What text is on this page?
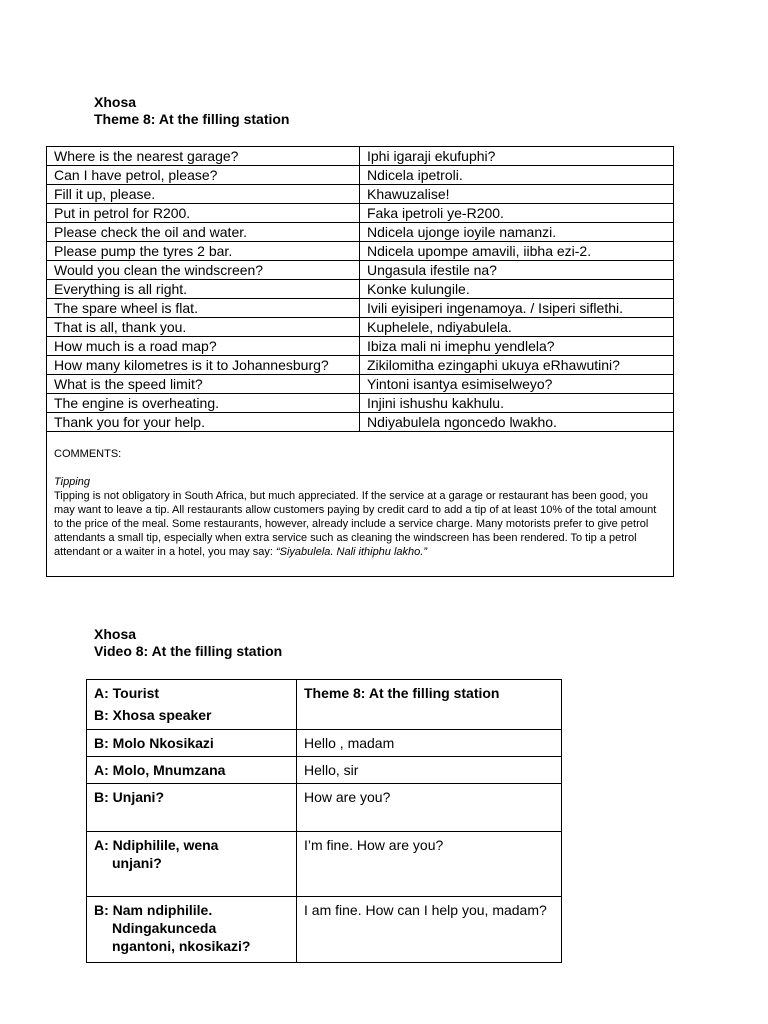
Xhosa
Theme 8: At the filling station
Where is the nearest garage?	Iphi igaraji ekufuphi?
Can I have petrol, please?	Ndicela ipetroli.
Fill it up, please.	Khawuzalise!
Put in petrol for R200.	Faka ipetroli ye-R200.
Please check the oil and water.	Ndicela ujonge ioyile namanzi.
Please pump the tyres 2 bar.	Ndicela upompe amavili, iibha ezi-2.
Would you clean the windscreen?	Ungasula ifestile na?
Everything is all right.	Konke kulungile.
The spare wheel is flat.	Ivili eyisiperi ingenamoya. / Isiperi siflethi.
That is all, thank you.	Kuphelele, ndiyabulela.
How much is a road map?	Ibiza mali ni imephu yendlela?
How many kilometres is it to Johannesburg?	Zikilomitha ezingaphi ukuya eRhawutini?
What is the speed limit?	Yintoni isantya esimiselweyo?
The engine is overheating.	Injini ishushu kakhulu.
Thank you for your help.	Ndiyabulela ngoncedo lwakho.
COMMENTS:
Tipping
Tipping is not obligatory in South Africa, but much appreciated. If the service at a garage or restaurant has been good, you may want to leave a tip. All restaurants allow customers paying by credit card to add a tip of at least 10% of the total amount to the price of the meal. Some restaurants, however, already include a service charge. Many motorists prefer to give petrol attendants a small tip, especially when extra service such as cleaning the windscreen has been rendered. To tip a petrol attendant or a waiter in a hotel, you may say: “Siyabulela. Nali ithiphu lakho.”	
Xhosa
Video 8: At the filling station
A: Tourist
B: Xhosa speaker	Theme 8: At the filling station
B: Molo Nkosikazi	Hello , madam
A: Molo, Mnumzana	Hello, sir
B: Unjani?	How are you?

A: Ndiphilile, wena
unjani?	I’m fine. How are you?

B: Nam ndiphilile.
Ndingakunceda
ngantoni, nkosikazi?	I am fine. How can I help you, madam?
